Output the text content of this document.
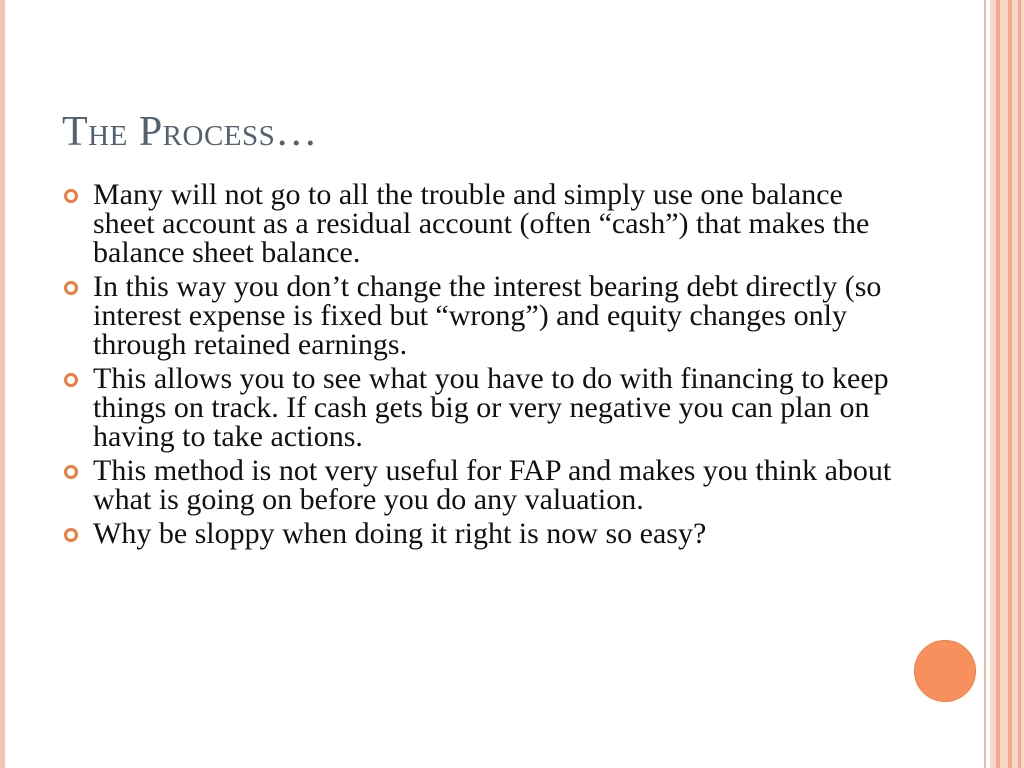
The Process…
Many will not go to all the trouble and simply use one balance sheet account as a residual account (often “cash”) that makes the balance sheet balance.
In this way you don’t change the interest bearing debt directly (so interest expense is fixed but “wrong”) and equity changes only through retained earnings.
This allows you to see what you have to do with financing to keep things on track. If cash gets big or very negative you can plan on having to take actions.
This method is not very useful for FAP and makes you think about what is going on before you do any valuation.
Why be sloppy when doing it right is now so easy?
